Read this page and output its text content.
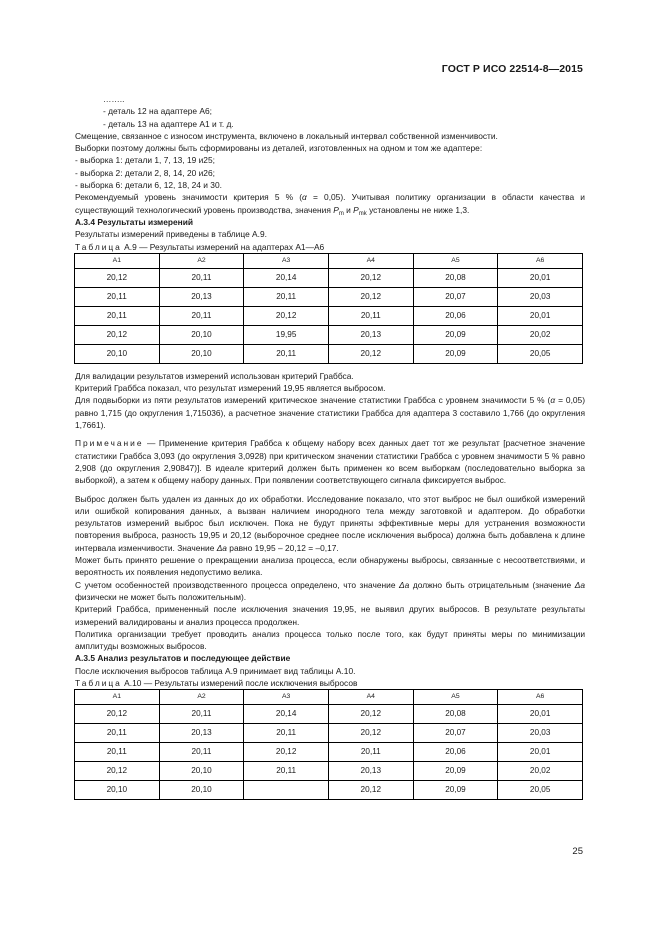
ГОСТ Р ИСО 22514-8—2015

……..

- деталь 12 на адаптере А6;

- деталь 13 на адаптере А1 и т. д.

Смещение, связанное с износом инструмента, включено в локальный интервал собственной изменчивости.

Выборки поэтому должны быть сформированы из деталей, изготовленных на одном и том же адаптере:

- выборка 1: детали 1, 7, 13, 19 и25;

- выборка 2: детали 2, 8, 14, 20 и26;

- выборка 6: детали 6, 12, 18, 24 и 30.

Рекомендуемый уровень значимости критерия 5 % (α = 0,05). Учитывая политику организации в области качества и существующий технологический уровень производства, значения $P_m$ и $P_{mk}$ установлены не ниже 1,3.

А.3.4 Результаты измерений

Результаты измерений приведены в таблице А.9.

Таблица А.9 — Результаты измерений на адаптерах А1—А6

А1	А2	А3	А4	А5	А6
20,12	20,11	20,14	20,12	20,08	20,01
20,11	20,13	20,11	20,12	20,07	20,03
20,11	20,11	20,12	20,11	20,06	20,01
20,12	20,10	19,95	20,13	20,09	20,02
20,10	20,10	20,11	20,12	20,09	20,05

Для валидации результатов измерений использован критерий Граббса.

Критерий Граббса показал, что результат измерений 19,95 является выбросом.

Для подвыборки из пяти результатов измерений критическое значение статистики Граббса с уровнем значимости 5 % (α = 0,05) равно 1,715 (до округления 1,715036), а расчетное значение статистики Граббса для адаптера 3 составило 1,766 (до округления 1,7661).

Примечание — Применение критерия Граббса к общему набору всех данных дает тот же результат [расчетное значение статистики Граббса 3,093 (до округления 3,0928) при критическом значении статистики Граббса с уровнем значимости 5 % равно 2,908 (до округления 2,90847)]. В идеале критерий должен быть применен ко всем выборкам (последовательно выборка за выборкой), а затем к общему набору данных. При появлении соответствующего сигнала фиксируется выброс.

Выброс должен быть удален из данных до их обработки. Исследование показало, что этот выброс не был ошибкой измерений или ошибкой копирования данных, а вызван наличием инородного тела между заготовкой и адаптером. До обработки результатов измерений выброс был исключен. Пока не будут приняты эффективные меры для устранения возможности повторения выброса, разность 19,95 и 20,12 (выборочное среднее после исключения выброса) должна быть добавлена к длине интервала изменчивости. Значение Δa равно 19,95 – 20,12 = –0,17.

Может быть принято решение о прекращении анализа процесса, если обнаружены выбросы, связанные с несоответствиями, и вероятность их появления недопустимо велика.

С учетом особенностей производственного процесса определено, что значение Δa должно быть отрицательным (значение Δa физически не может быть положительным).

Критерий Граббса, примененный после исключения значения 19,95, не выявил других выбросов. В результате результаты измерений валидированы и анализ процесса продолжен.

Политика организации требует проводить анализ процесса только после того, как будут приняты меры по минимизации амплитуды возможных выбросов.

А.3.5 Анализ результатов и последующее действие

После исключения выбросов таблица А.9 принимает вид таблицы А.10.

Таблица А.10 — Результаты измерений после исключения выбросов

А1	А2	А3	А4	А5	А6
20,12	20,11	20,14	20,12	20,08	20,01
20,11	20,13	20,11	20,12	20,07	20,03
20,11	20,11	20,12	20,11	20,06	20,01
20,12	20,10	20,11	20,13	20,09	20,02
20,10	20,10		20,12	20,09	20,05
25
